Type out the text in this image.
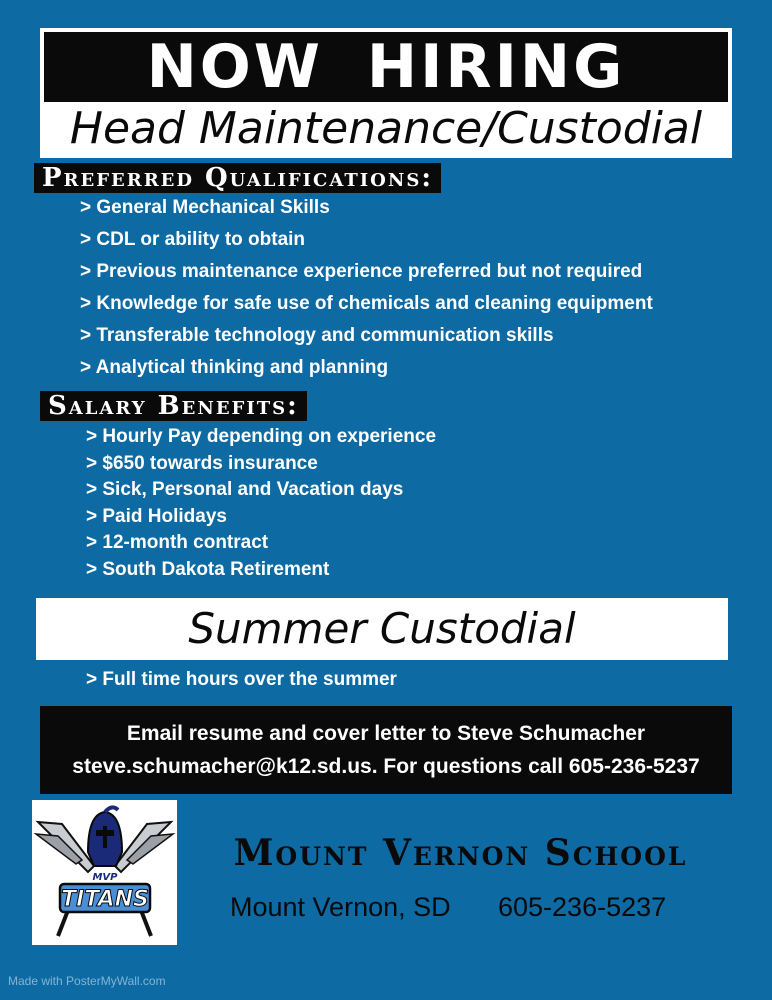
NOW HIRING
Head Maintenance/Custodial
Preferred Qualifications:
> General Mechanical Skills
> CDL or ability to obtain
> Previous maintenance experience preferred but not required
> Knowledge for safe use of chemicals and cleaning equipment
> Transferable technology and communication skills
> Analytical thinking and planning
Salary Benefits:
> Hourly Pay depending on experience
> $650 towards insurance
> Sick, Personal and Vacation days
> Paid Holidays
> 12-month contract
> South Dakota Retirement
Summer Custodial
> Full time hours over the summer
Email resume and cover letter to Steve Schumacher
steve.schumacher@k12.sd.us. For questions call 605-236-5237
MVP
TITANS
Mount Vernon School
Mount Vernon, SD 605-236-5237
Made with PosterMyWall.com
